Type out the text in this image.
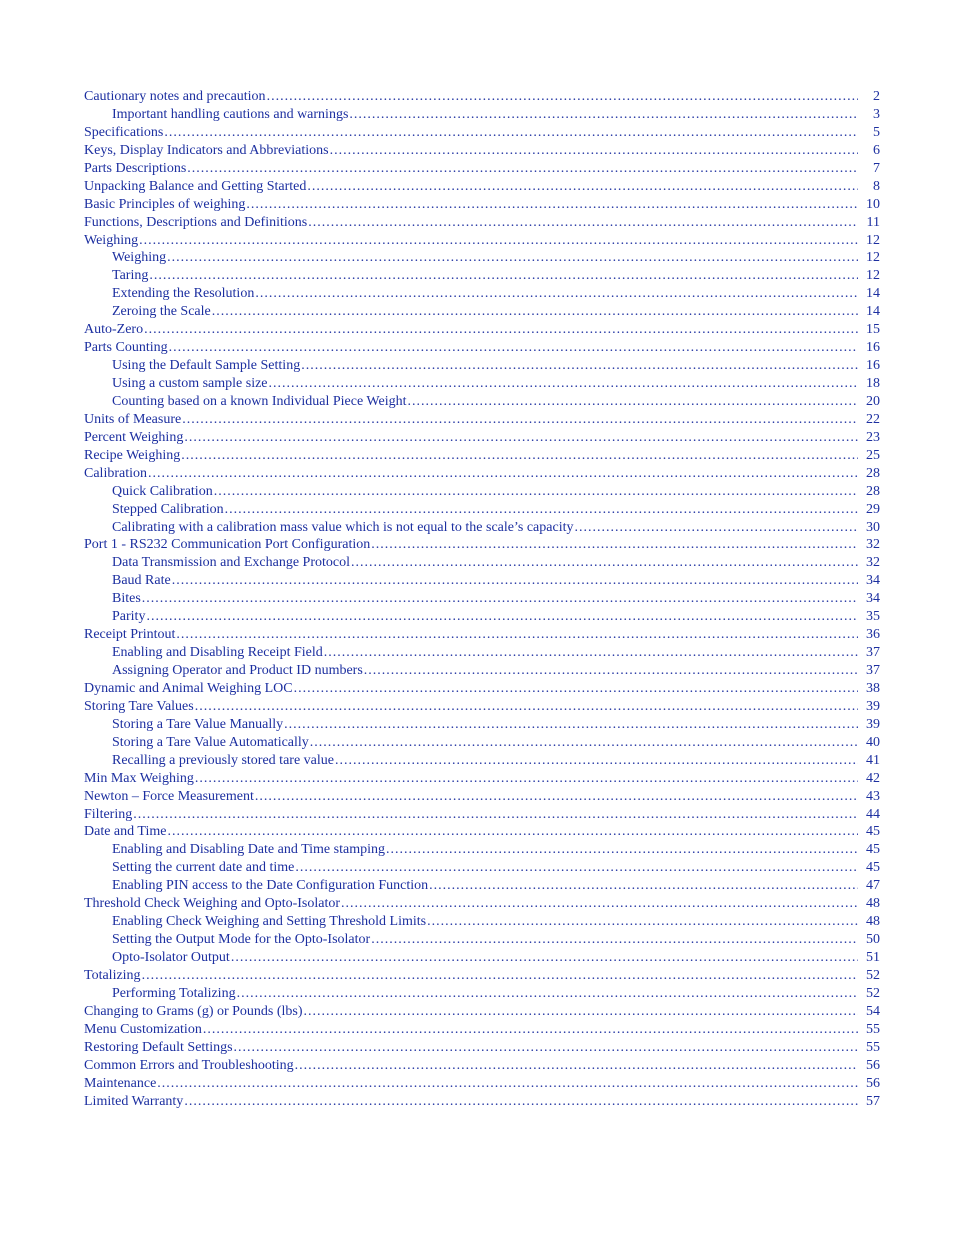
Cautionary notes and precaution .....	2
Important handling cautions and warnings .....	3
Specifications .....	5
Keys, Display Indicators and Abbreviations .....	6
Parts Descriptions .....	7
Unpacking Balance and Getting Started .....	8
Basic Principles of weighing .....	10
Functions, Descriptions and Definitions .....	11
Weighing .....	12
Weighing .....	12
Taring .....	12
Extending the Resolution .....	14
Zeroing the Scale .....	14
Auto-Zero .....	15
Parts Counting .....	16
Using the Default Sample Setting .....	16
Using a custom sample size .....	18
Counting based on a known Individual Piece Weight .....	20
Units of Measure .....	22
Percent Weighing .....	23
Recipe Weighing .....	25
Calibration .....	28
Quick Calibration .....	28
Stepped Calibration .....	29
Calibrating with a calibration mass value which is not equal to the scale’s capacity .....	30
Port 1 - RS232 Communication Port Configuration .....	32
Data Transmission and Exchange Protocol .....	32
Baud Rate .....	34
Bites .....	34
Parity .....	35
Receipt Printout .....	36
Enabling and Disabling Receipt Field .....	37
Assigning Operator and Product ID numbers .....	37
Dynamic and Animal Weighing LOC .....	38
Storing Tare Values .....	39
Storing a Tare Value Manually .....	39
Storing a Tare Value Automatically .....	40
Recalling a previously stored tare value .....	41
Min Max Weighing .....	42
Newton – Force Measurement .....	43
Filtering .....	44
Date and Time .....	45
Enabling and Disabling Date and Time stamping .....	45
Setting the current date and time .....	45
Enabling PIN access to the Date Configuration Function .....	47
Threshold Check Weighing and Opto-Isolator .....	48
Enabling Check Weighing and Setting Threshold Limits .....	48
Setting the Output Mode for the Opto-Isolator .....	50
Opto-Isolator Output .....	51
Totalizing .....	52
Performing Totalizing .....	52
Changing to Grams (g) or Pounds (lbs) .....	54
Menu Customization .....	55
Restoring Default Settings .....	55
Common Errors and Troubleshooting .....	56
Maintenance .....	56
Limited Warranty .....	57
